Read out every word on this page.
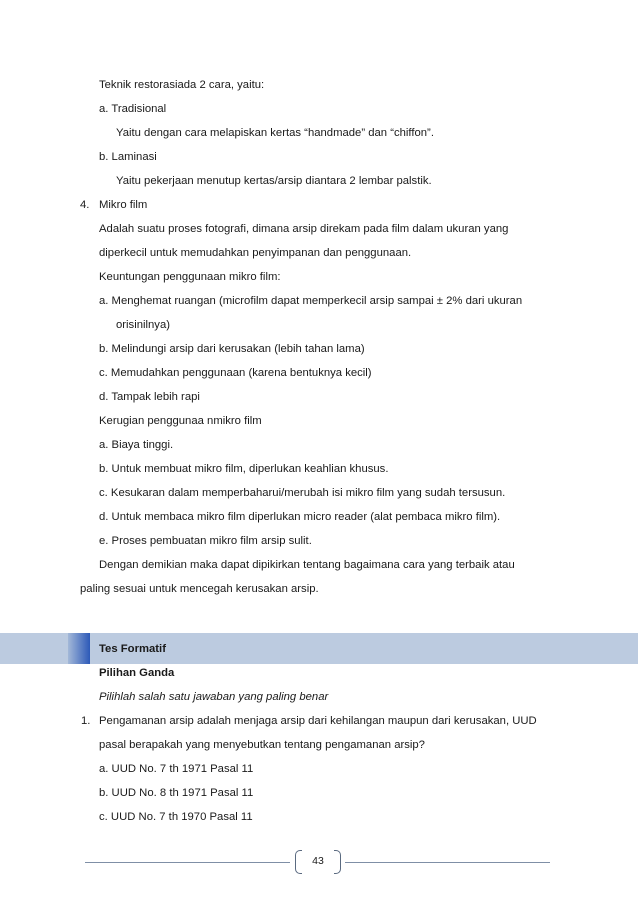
Teknik restorasiada 2 cara, yaitu:
a. Tradisional
Yaitu dengan cara melapiskan kertas “handmade” dan “chiffon”.
b. Laminasi
Yaitu pekerjaan menutup kertas/arsip diantara 2 lembar palstik.
4. Mikro film
Adalah suatu proses fotografi, dimana arsip direkam pada film dalam ukuran yang
diperkecil untuk memudahkan penyimpanan dan penggunaan.
Keuntungan penggunaan mikro film:
a. Menghemat ruangan (microfilm dapat memperkecil arsip sampai ± 2% dari ukuran
orisinilnya)
b. Melindungi arsip dari kerusakan (lebih tahan lama)
c. Memudahkan penggunaan (karena bentuknya kecil)
d. Tampak lebih rapi
Kerugian penggunaa nmikro film
a. Biaya tinggi.
b. Untuk membuat mikro film, diperlukan keahlian khusus.
c. Kesukaran dalam memperbaharui/merubah isi mikro film yang sudah tersusun.
d. Untuk membaca mikro film diperlukan micro reader (alat pembaca mikro film).
e. Proses pembuatan mikro film arsip sulit.
Dengan demikian maka dapat dipikirkan tentang bagaimana cara yang terbaik atau
paling sesuai untuk mencegah kerusakan arsip.
Tes Formatif
Pilihan Ganda
Pilihlah salah satu jawaban yang paling benar
1. Pengamanan arsip adalah menjaga arsip dari kehilangan maupun dari kerusakan, UUD
pasal berapakah yang menyebutkan tentang pengamanan arsip?
a. UUD No. 7 th 1971 Pasal 11
b. UUD No. 8 th 1971 Pasal 11
c. UUD No. 7 th 1970 Pasal 11
43
